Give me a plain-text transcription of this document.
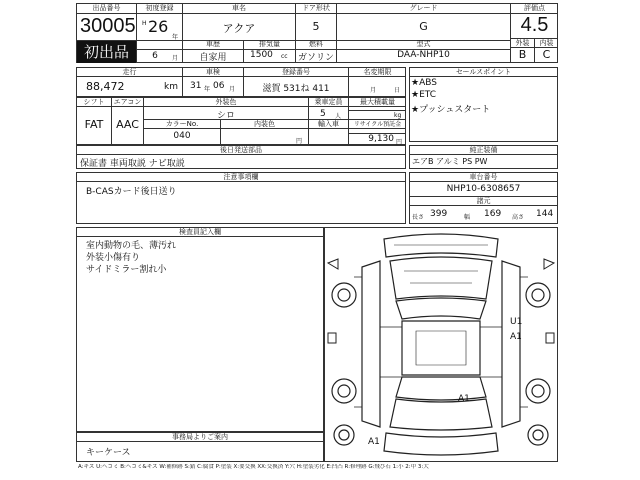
出品番号
30005
初出品
初度登録
H 26
年
6	月
車名
アクア
ドア形状
5
グレード
G
評価点
4.5
外装	内装
B	C
車歴
自家用
排気量
1500	cc
燃料
ガソリン
型式
DAA-NHP10
走行
88,472	km
車検
31 年 06 月
登録番号
滋賀 531ね 411
名変期限
月	日
セールスポイント
★ABS
★ETC
★プッシュスタート
シフト
FAT
エアコン
AAC
外装色
シロ
カラーNo.
040
内装色
円
乗車定員
5	人
最大積載量
kg
輸入車	リサイクル預託金
9,130 円
後日発送部品
保証書 車両取説 ナビ取説
純正装備
エアB アルミ PS PW
注意事項欄
B-CASカード後日送り
車台番号
NHP10-6308657
諸元
長さ 399	幅 169	高さ 144
検査員記入欄
室内動物の毛、薄汚れ
外装小傷有り
サイドミラー割れ小
事務局よりご案内
キーケース
U1
A1
A1
A1
A:キズ U:へコミ B:へコミ&キズ W:補修跡 S:錆 C:腐食 P:塗装 X:要交換 XX:交換済 Y:穴 H:塗装劣化 E:凹凸 R:修理跡 G:飛び石 1:小 2:中 3:大
